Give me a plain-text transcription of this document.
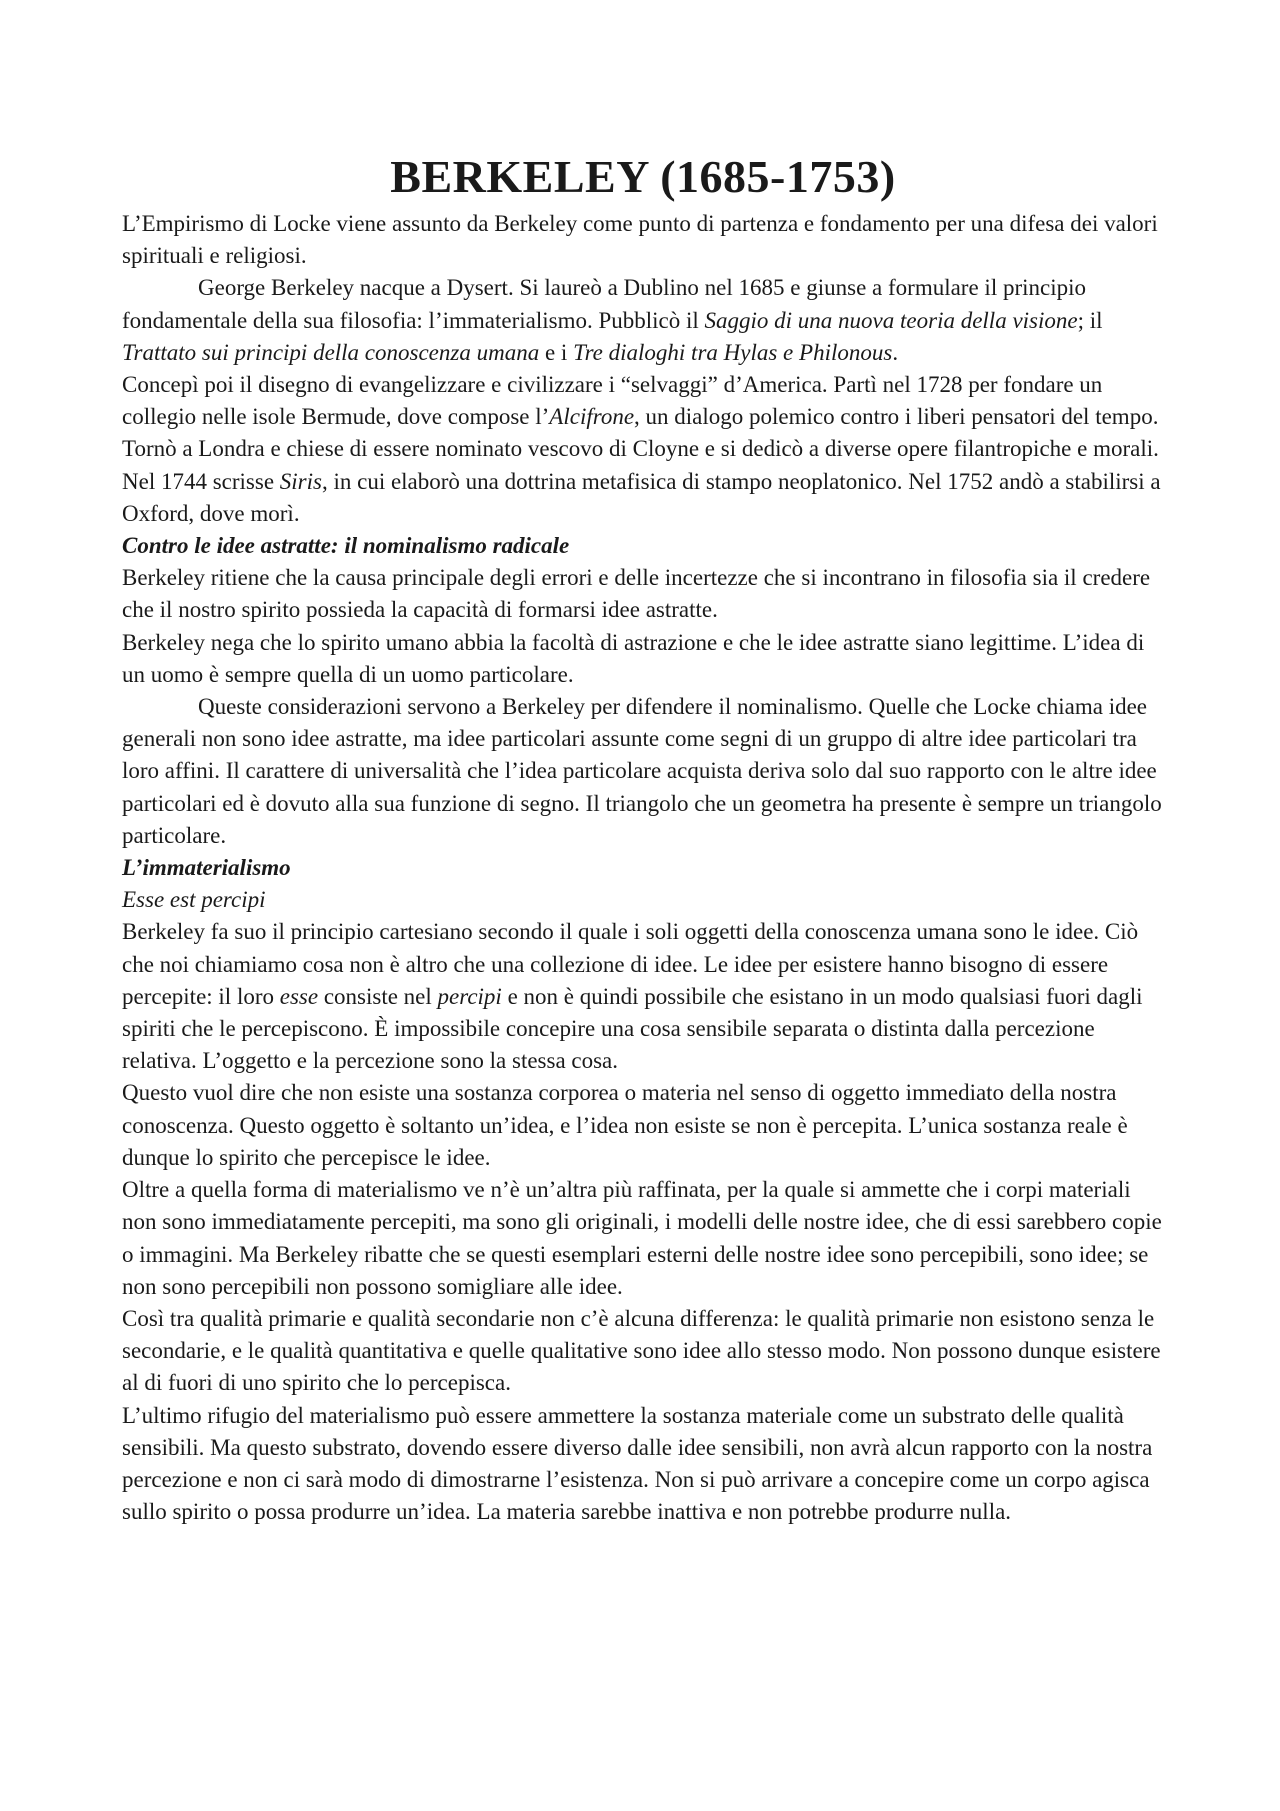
BERKELEY (1685-1753)

L’Empirismo di Locke viene assunto da Berkeley come punto di partenza e fondamento per una difesa dei valori spirituali e religiosi.

George Berkeley nacque a Dysert. Si laureò a Dublino nel 1685 e giunse a formulare il principio fondamentale della sua filosofia: l’immaterialismo. Pubblicò il Saggio di una nuova teoria della visione; il Trattato sui principi della conoscenza umana e i Tre dialoghi tra Hylas e Philonous.

Concepì poi il disegno di evangelizzare e civilizzare i “selvaggi” d’America. Partì nel 1728 per fondare un collegio nelle isole Bermude, dove compose l’Alcifrone, un dialogo polemico contro i liberi pensatori del tempo. Tornò a Londra e chiese di essere nominato vescovo di Cloyne e si dedicò a diverse opere filantropiche e morali. Nel 1744 scrisse Siris, in cui elaborò una dottrina metafisica di stampo neoplatonico. Nel 1752 andò a stabilirsi a Oxford, dove morì.

Contro le idee astratte: il nominalismo radicale

Berkeley ritiene che la causa principale degli errori e delle incertezze che si incontrano in filosofia sia il credere che il nostro spirito possieda la capacità di formarsi idee astratte.

Berkeley nega che lo spirito umano abbia la facoltà di astrazione e che le idee astratte siano legittime. L’idea di un uomo è sempre quella di un uomo particolare.

Queste considerazioni servono a Berkeley per difendere il nominalismo. Quelle che Locke chiama idee generali non sono idee astratte, ma idee particolari assunte come segni di un gruppo di altre idee particolari tra loro affini. Il carattere di universalità che l’idea particolare acquista deriva solo dal suo rapporto con le altre idee particolari ed è dovuto alla sua funzione di segno. Il triangolo che un geometra ha presente è sempre un triangolo particolare.

L’immaterialismo

Esse est percipi

Berkeley fa suo il principio cartesiano secondo il quale i soli oggetti della conoscenza umana sono le idee. Ciò che noi chiamiamo cosa non è altro che una collezione di idee. Le idee per esistere hanno bisogno di essere percepite: il loro esse consiste nel percipi e non è quindi possibile che esistano in un modo qualsiasi fuori dagli spiriti che le percepiscono. È impossibile concepire una cosa sensibile separata o distinta dalla percezione relativa. L’oggetto e la percezione sono la stessa cosa.

Questo vuol dire che non esiste una sostanza corporea o materia nel senso di oggetto immediato della nostra conoscenza. Questo oggetto è soltanto un’idea, e l’idea non esiste se non è percepita. L’unica sostanza reale è dunque lo spirito che percepisce le idee.

Oltre a quella forma di materialismo ve n’è un’altra più raffinata, per la quale si ammette che i corpi materiali non sono immediatamente percepiti, ma sono gli originali, i modelli delle nostre idee, che di essi sarebbero copie o immagini. Ma Berkeley ribatte che se questi esemplari esterni delle nostre idee sono percepibili, sono idee; se non sono percepibili non possono somigliare alle idee.

Così tra qualità primarie e qualità secondarie non c’è alcuna differenza: le qualità primarie non esistono senza le secondarie, e le qualità quantitativa e quelle qualitative sono idee allo stesso modo. Non possono dunque esistere al di fuori di uno spirito che lo percepisca.

L’ultimo rifugio del materialismo può essere ammettere la sostanza materiale come un substrato delle qualità sensibili. Ma questo substrato, dovendo essere diverso dalle idee sensibili, non avrà alcun rapporto con la nostra percezione e non ci sarà modo di dimostrarne l’esistenza. Non si può arrivare a concepire come un corpo agisca sullo spirito o possa produrre un’idea. La materia sarebbe inattiva e non potrebbe produrre nulla.
